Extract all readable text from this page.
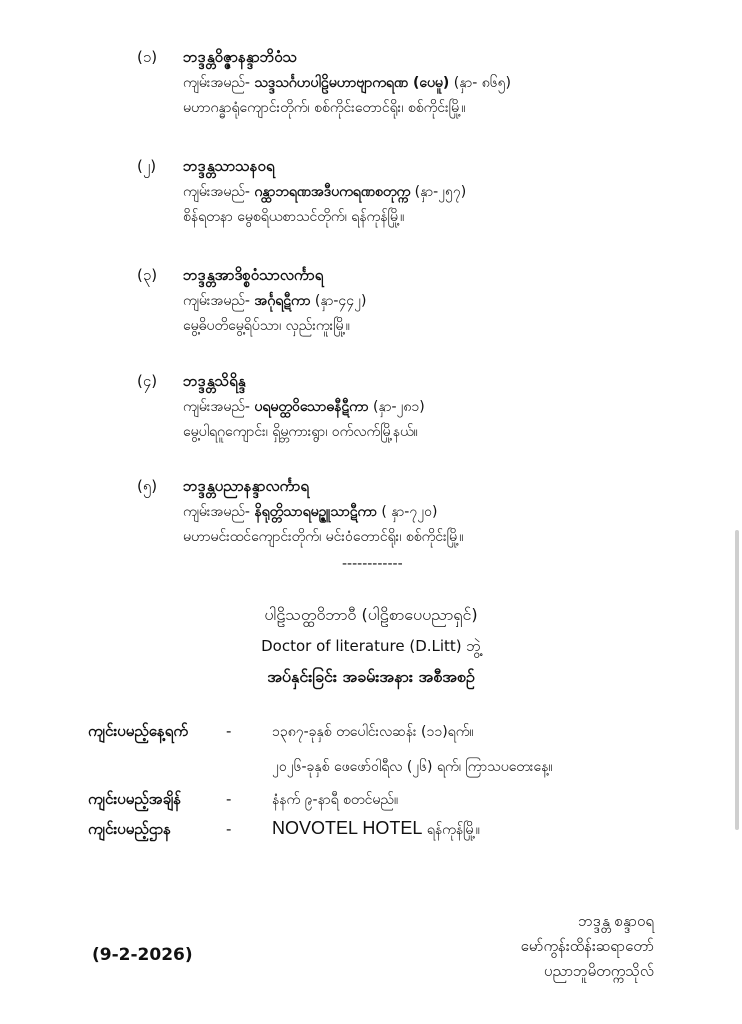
(၁) ဘဒ္ဒန္တဝိဇ္ဇာနန္ဒာဘိဝံသ
ကျမ်းအမည်- သဒ္ဒသင်္ဂဟပါဠိမဟာဗျာကရဏ (ပေမူ) (နှာ- ၈၆၅)
မဟာဂန္ဓာရုံကျောင်းတိုက်၊ စစ်ကိုင်းတောင်ရိုး၊ စစ်ကိုင်းမြို့။
(၂) ဘဒ္ဒန္တသာသနဝရ
ကျမ်းအမည်- ဂန္ထာဘရဏအဒီပကရဏစတုက္က (နှာ-၂၅၇)
စိန်ရတနာ မွေစရိယစာသင်တိုက်၊ ရန်ကုန်မြို့။
(၃) ဘဒ္ဒန္တအာဒိစ္စဝံသာလင်္ကာရ
ကျမ်းအမည်- အင်္ဂုရဋီကာ (နှာ-၄၄၂)
မွေ့ဓိပတိမွေ့ရိပ်သာ၊ လှည်းကူးမြို့။
(၄) ဘဒ္ဒန္တသိရိန္ဒ
ကျမ်းအမည်- ပရမတ္ထဝိသောဓနီဋီကာ (နှာ-၂၈၁)
မွေ့ပါရဂူကျောင်း၊ ရှိမ္ဘကားရွာ၊ ဝက်လက်မြို့နယ်။
(၅) ဘဒ္ဒန္တပညာနန္ဒာလင်္ကာရ
ကျမ်းအမည်- နိရုတ္တိသာရမဉ္ဇူသာဋီကာ ( နှာ-၇၂၀)
မဟာမင်းထင်ကျောင်းတိုက်၊ မင်းဝံတောင်ရိုး၊ စစ်ကိုင်းမြို့။
------------
ပါဠိသတ္ထဝိဘာဝီ (ပါဠိစာပေပညာရှင်)
Doctor of literature (D.Litt) ဘွဲ့
အပ်နှင်းခြင်း အခမ်းအနား အစီအစဉ်
ကျင်းပမည့်နေ့ရက်	-	၁၃၈၇-ခုနှစ် တပေါင်းလဆန်း (၁၁)ရက်။
၂၀၂၆-ခုနှစ် ဖေဖော်ဝါရီလ (၂၆) ရက်၊ ကြာသပတေးနေ့။
ကျင်းပမည့်အချိန်	-	နံနက် ၉-နာရီ စတင်မည်။
ကျင်းပမည့်ဌာန	- NOVOTEL HOTEL ရန်ကုန်မြို့။
(9-2-2026)
ဘဒ္ဒန္တ စန္ဒာဝရ
မော်ကွန်းထိန်းဆရာတော်
ပညာဘူမိတက္ကသိုလ်
